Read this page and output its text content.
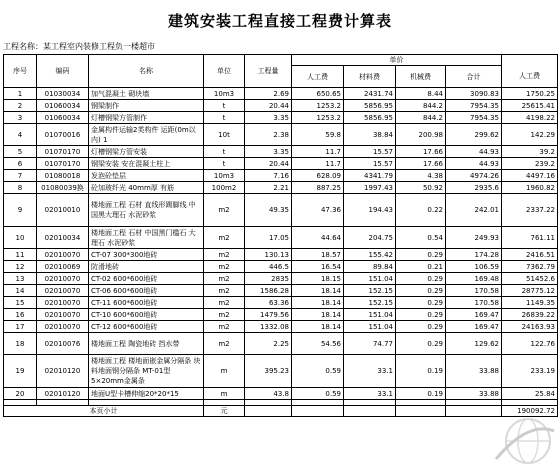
建筑安装工程直接工程费计算表
工程名称：某工程室内装修工程负一楼超市
序号	编码	名称	单位	工程量	单价				
					人工费	材料费	机械费	合计	
									人工费
1	01030034	加气混凝土 砌块墙	10m3	2.69	650.65	2431.74	8.44	3090.83	1750.25
2	01060034	钢梁制作	t	20.44	1253.2	5856.95	844.2	7954.35	25615.41
3	01060034	灯槽钢梁方管制作	t	3.35	1253.2	5856.95	844.2	7954.35	4198.22
4	01070016	金属构件运输2类构件 运距(0m以内) 1	10t	2.38	59.8	38.84	200.98	299.62	142.29
5	01070170	灯槽钢梁方管安装	t	3.35	11.7	15.57	17.66	44.93	39.2
6	01070170	钢梁安装 安在混凝土柱上	t	20.44	11.7	15.57	17.66	44.93	239.2
7	01080018	发泡砼垫层	10m3	7.16	628.09	4341.79	4.38	4974.26	4497.16
8	01080039换	砼加玻纤光 40mm厚 有筋	100m2	2.21	887.25	1997.43	50.92	2935.6	1960.82
9	02010010	楼地面工程 石材 直线形踢脚线 中国黑大理石 水泥砂浆	m2	49.35	47.36	194.43	0.22	242.01	2337.22
10	02010034	楼地面工程 石材 中国黑门槛石 大理石 水泥砂浆	m2	17.05	44.64	204.75	0.54	249.93	761.11
11	02010070	CT-07 300*300地砖	m2	130.13	18.57	155.42	0.29	174.28	2416.51
12	02010069	防滑地砖	m2	446.5	16.54	89.84	0.21	106.59	7362.79
13	02010070	CT-02 600*600地砖	m2	2835	18.15	151.04	0.29	169.48	51452.6
14	02010070	CT-06 600*600地砖	m2	1586.28	18.14	152.15	0.29	170.58	28775.12
15	02010070	CT-11 600*600地砖	m2	63.36	18.14	152.15	0.29	170.58	1149.35
16	02010070	CT-10 600*600地砖	m2	1479.56	18.14	151.04	0.29	169.47	26839.22
17	02010070	CT-12 600*600地砖	m2	1332.08	18.14	151.04	0.29	169.47	24163.93
18	02010076	楼地面工程 陶瓷地砖 挡水带	m2	2.25	54.56	74.77	0.29	129.62	122.76
19	02010120	楼地面工程 楼地面嵌金属分隔条 块料地面钢分隔条 MT-01型5×20mm金属条	m	395.23	0.59	33.1	0.19	33.88	233.19
20	02010120	地面U型卡槽伸缩20*20*15	m	43.8	0.59	33.1	0.19	33.88	25.84

本页小计			元						190092.72
